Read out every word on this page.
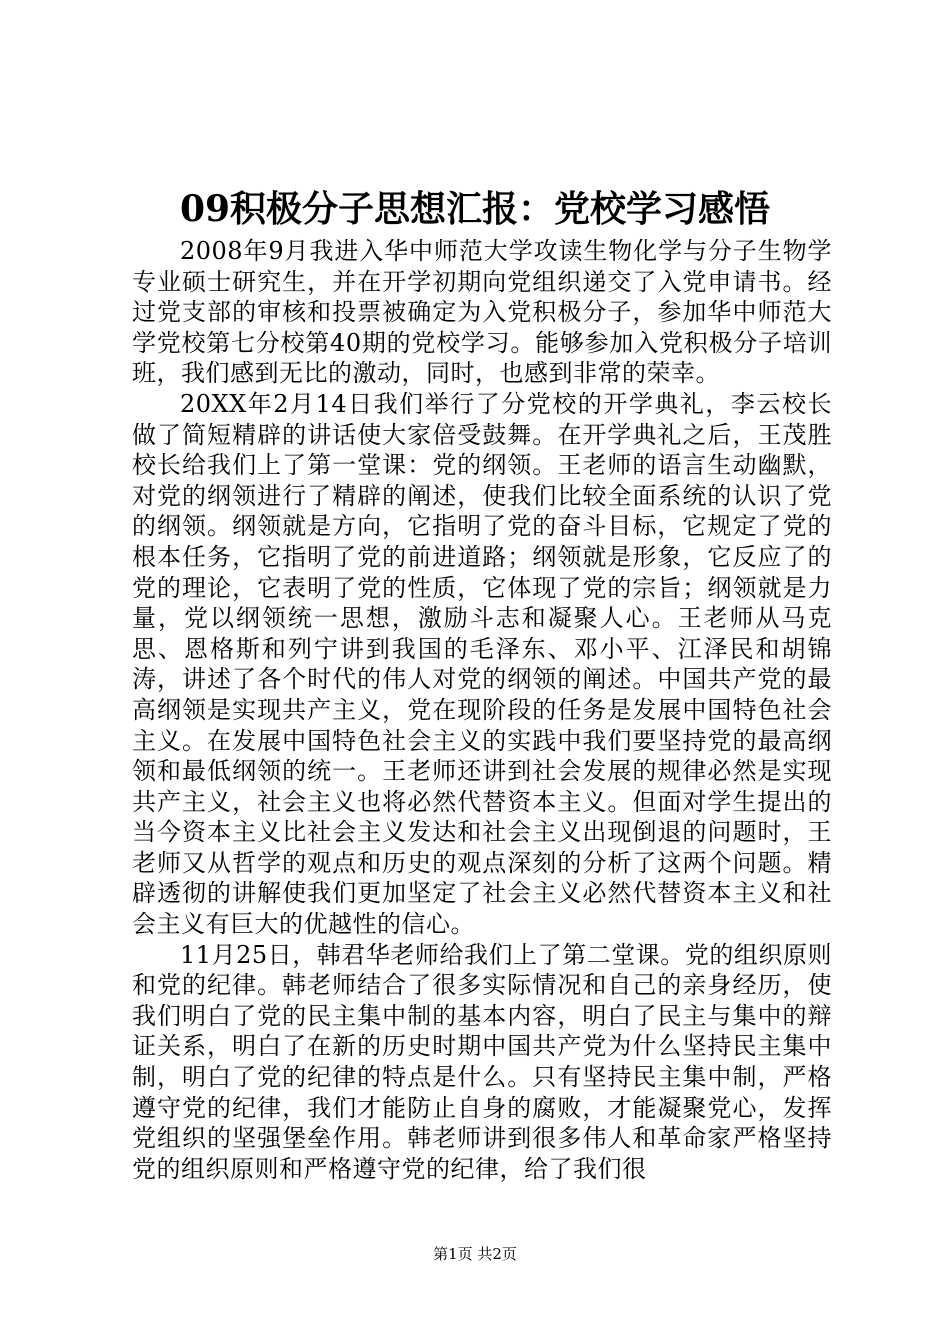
09积极分子思想汇报：党校学习感悟

2008年9月我进入华中师范大学攻读生物化学与分子生物学专业硕士研究生，并在开学初期向党组织递交了入党申请书。经过党支部的审核和投票被确定为入党积极分子，参加华中师范大学党校第七分校第40期的党校学习。能够参加入党积极分子培训班，我们感到无比的激动，同时，也感到非常的荣幸。

20XX年2月14日我们举行了分党校的开学典礼，李云校长做了简短精辟的讲话使大家倍受鼓舞。在开学典礼之后，王茂胜校长给我们上了第一堂课：党的纲领。王老师的语言生动幽默，对党的纲领进行了精辟的阐述，使我们比较全面系统的认识了党的纲领。纲领就是方向，它指明了党的奋斗目标，它规定了党的根本任务，它指明了党的前进道路；纲领就是形象，它反应了的党的理论，它表明了党的性质，它体现了党的宗旨；纲领就是力量，党以纲领统一思想，激励斗志和凝聚人心。王老师从马克思、恩格斯和列宁讲到我国的毛泽东、邓小平、江泽民和胡锦涛，讲述了各个时代的伟人对党的纲领的阐述。中国共产党的最高纲领是实现共产主义，党在现阶段的任务是发展中国特色社会主义。在发展中国特色社会主义的实践中我们要坚持党的最高纲领和最低纲领的统一。王老师还讲到社会发展的规律必然是实现共产主义，社会主义也将必然代替资本主义。但面对学生提出的当今资本主义比社会主义发达和社会主义出现倒退的问题时，王老师又从哲学的观点和历史的观点深刻的分析了这两个问题。精辟透彻的讲解使我们更加坚定了社会主义必然代替资本主义和社会主义有巨大的优越性的信心。

11月25日，韩君华老师给我们上了第二堂课。党的组织原则和党的纪律。韩老师结合了很多实际情况和自己的亲身经历，使我们明白了党的民主集中制的基本内容，明白了民主与集中的辩证关系，明白了在新的历史时期中国共产党为什么坚持民主集中制，明白了党的纪律的特点是什么。只有坚持民主集中制，严格遵守党的纪律，我们才能防止自身的腐败，才能凝聚党心，发挥党组织的坚强堡垒作用。韩老师讲到很多伟人和革命家严格坚持党的组织原则和严格遵守党的纪律，给了我们很

第1页 共2页
